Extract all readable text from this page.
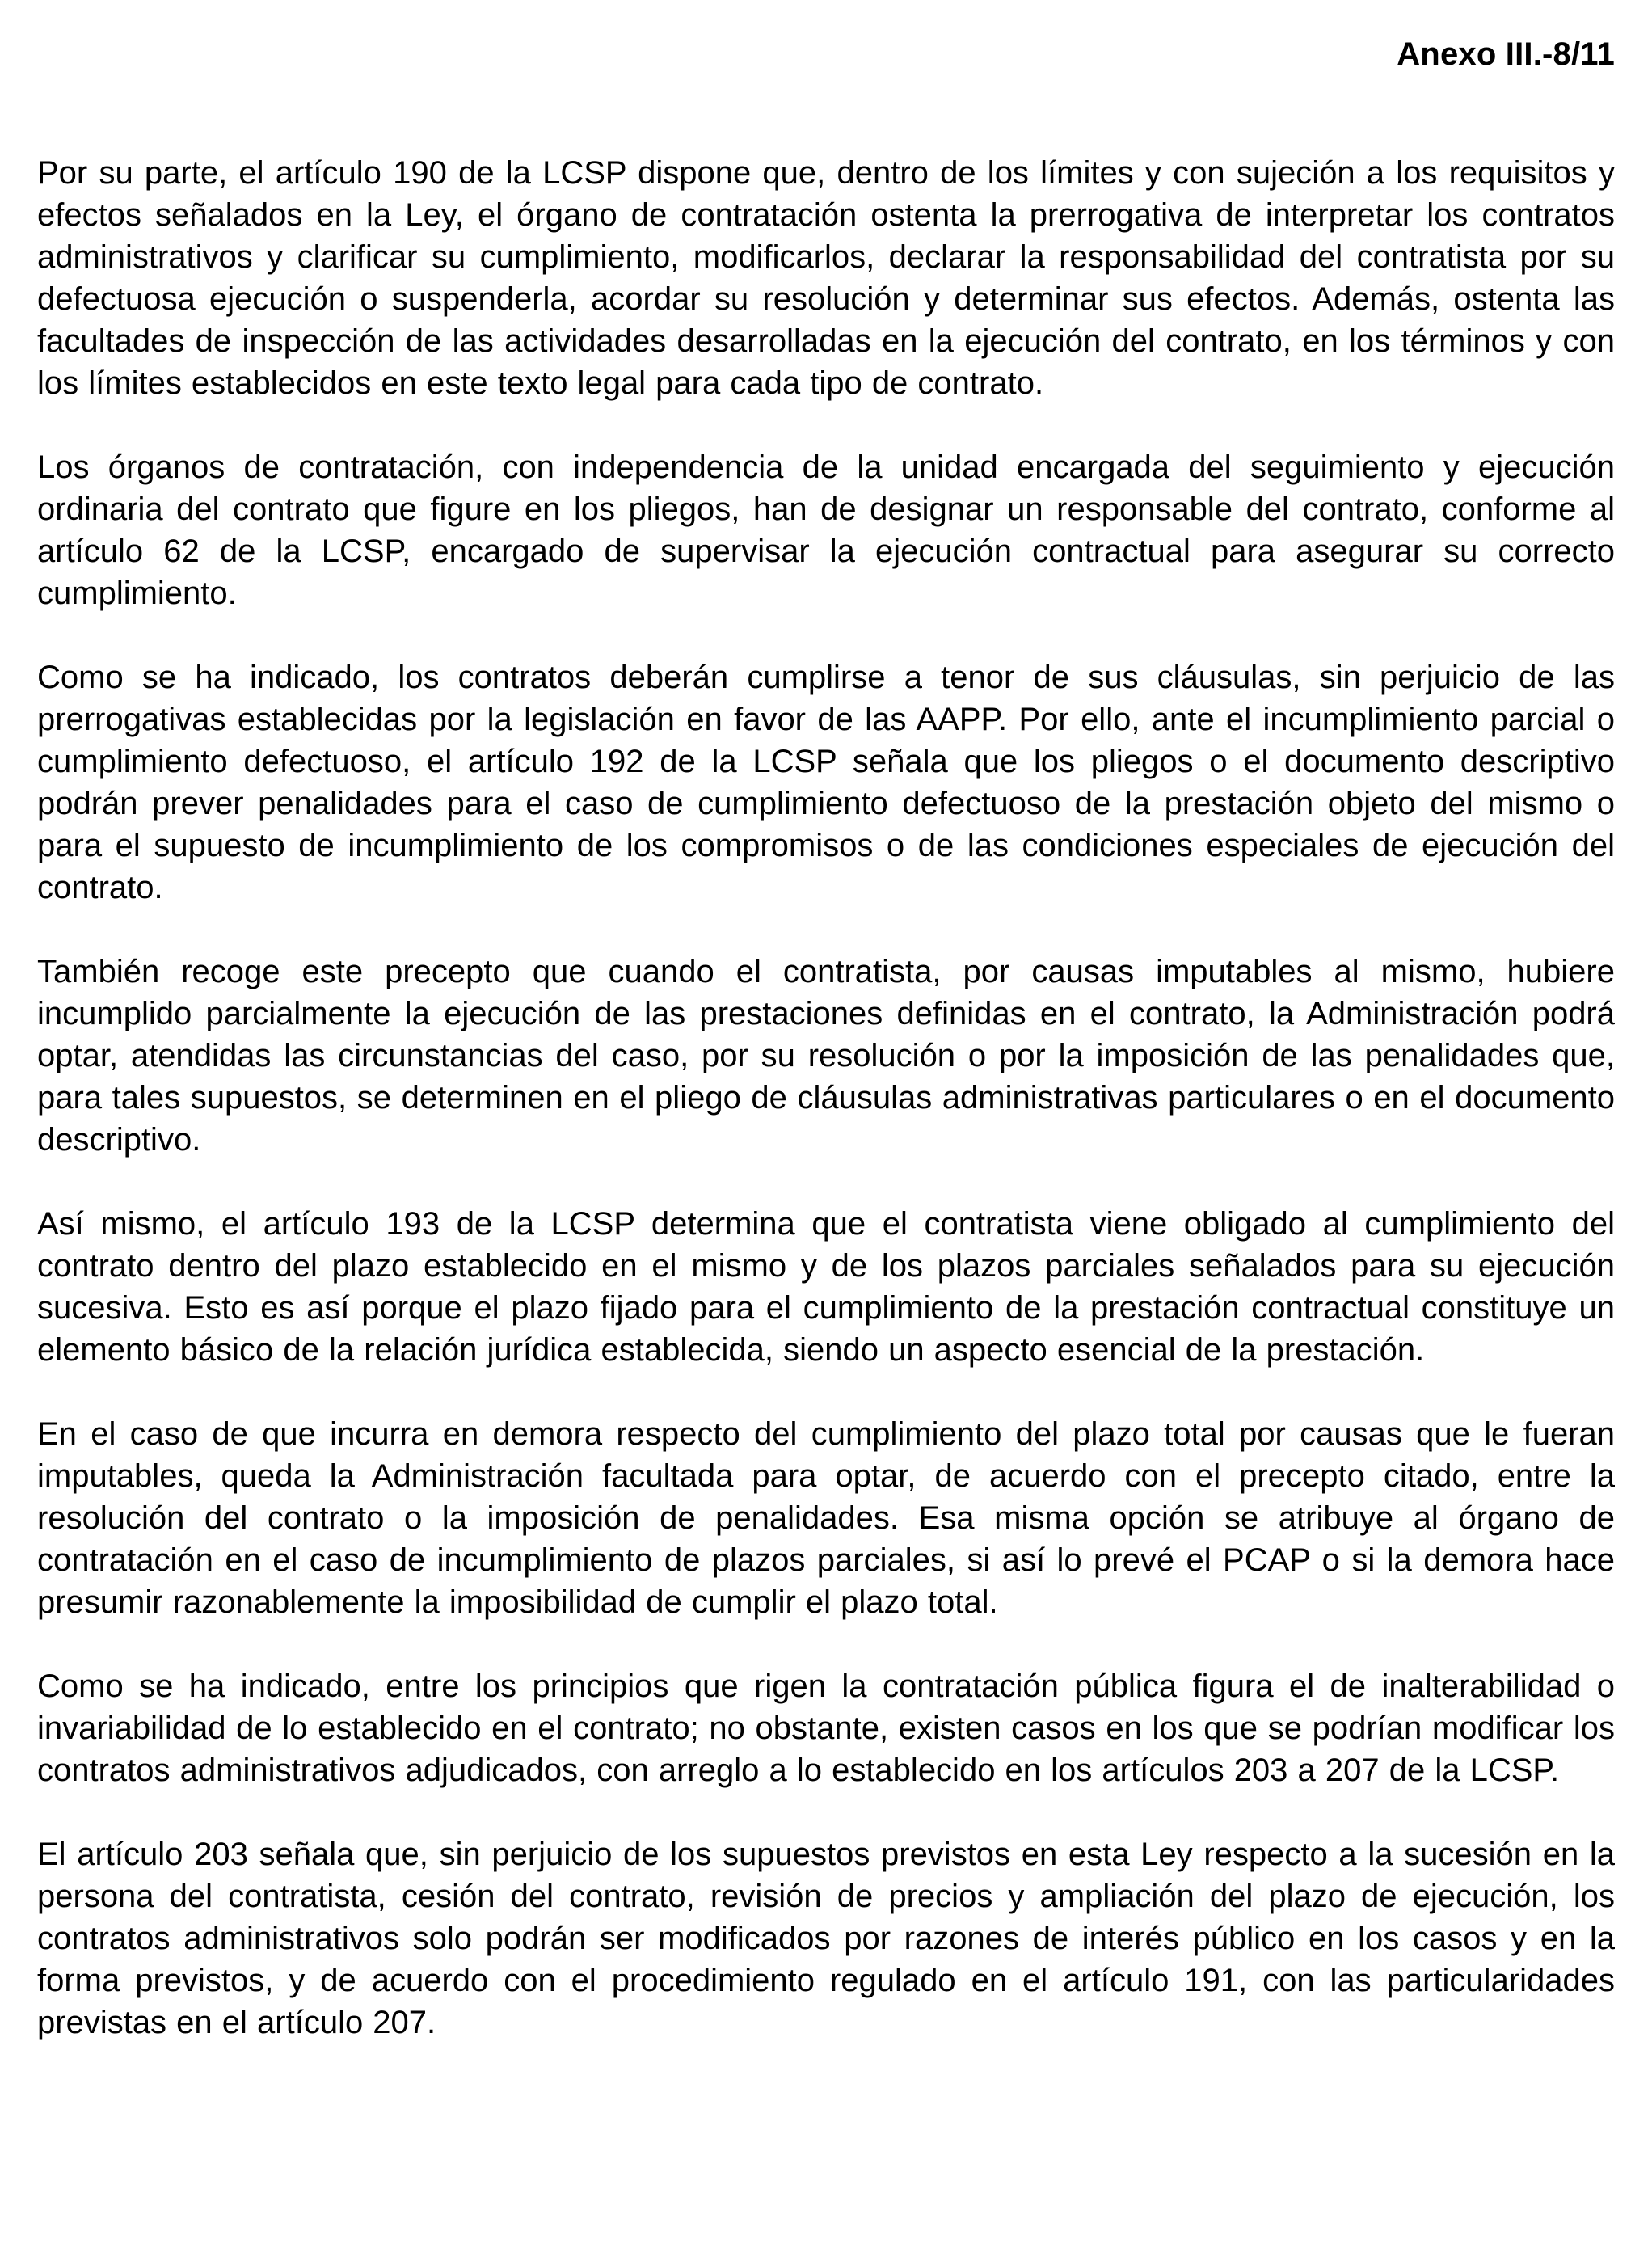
Anexo III.-8/11

Por su parte, el artículo 190 de la LCSP dispone que, dentro de los límites y con sujeción a los requisitos y efectos señalados en la Ley, el órgano de contratación ostenta la prerrogativa de interpretar los contratos administrativos y clarificar su cumplimiento, modificarlos, declarar la responsabilidad del contratista por su defectuosa ejecución o suspenderla, acordar su resolución y determinar sus efectos. Además, ostenta las facultades de inspección de las actividades desarrolladas en la ejecución del contrato, en los términos y con los límites establecidos en este texto legal para cada tipo de contrato.

Los órganos de contratación, con independencia de la unidad encargada del seguimiento y ejecución ordinaria del contrato que figure en los pliegos, han de designar un responsable del contrato, conforme al artículo 62 de la LCSP, encargado de supervisar la ejecución contractual para asegurar su correcto cumplimiento.

Como se ha indicado, los contratos deberán cumplirse a tenor de sus cláusulas, sin perjuicio de las prerrogativas establecidas por la legislación en favor de las AAPP. Por ello, ante el incumplimiento parcial o cumplimiento defectuoso, el artículo 192 de la LCSP señala que los pliegos o el documento descriptivo podrán prever penalidades para el caso de cumplimiento defectuoso de la prestación objeto del mismo o para el supuesto de incumplimiento de los compromisos o de las condiciones especiales de ejecución del contrato.

También recoge este precepto que cuando el contratista, por causas imputables al mismo, hubiere incumplido parcialmente la ejecución de las prestaciones definidas en el contrato, la Administración podrá optar, atendidas las circunstancias del caso, por su resolución o por la imposición de las penalidades que, para tales supuestos, se determinen en el pliego de cláusulas administrativas particulares o en el documento descriptivo.

Así mismo, el artículo 193 de la LCSP determina que el contratista viene obligado al cumplimiento del contrato dentro del plazo establecido en el mismo y de los plazos parciales señalados para su ejecución sucesiva. Esto es así porque el plazo fijado para el cumplimiento de la prestación contractual constituye un elemento básico de la relación jurídica establecida, siendo un aspecto esencial de la prestación.

En el caso de que incurra en demora respecto del cumplimiento del plazo total por causas que le fueran imputables, queda la Administración facultada para optar, de acuerdo con el precepto citado, entre la resolución del contrato o la imposición de penalidades. Esa misma opción se atribuye al órgano de contratación en el caso de incumplimiento de plazos parciales, si así lo prevé el PCAP o si la demora hace presumir razonablemente la imposibilidad de cumplir el plazo total.

Como se ha indicado, entre los principios que rigen la contratación pública figura el de inalterabilidad o invariabilidad de lo establecido en el contrato; no obstante, existen casos en los que se podrían modificar los contratos administrativos adjudicados, con arreglo a lo establecido en los artículos 203 a 207 de la LCSP.

El artículo 203 señala que, sin perjuicio de los supuestos previstos en esta Ley respecto a la sucesión en la persona del contratista, cesión del contrato, revisión de precios y ampliación del plazo de ejecución, los contratos administrativos solo podrán ser modificados por razones de interés público en los casos y en la forma previstos, y de acuerdo con el procedimiento regulado en el artículo 191, con las particularidades previstas en el artículo 207.
